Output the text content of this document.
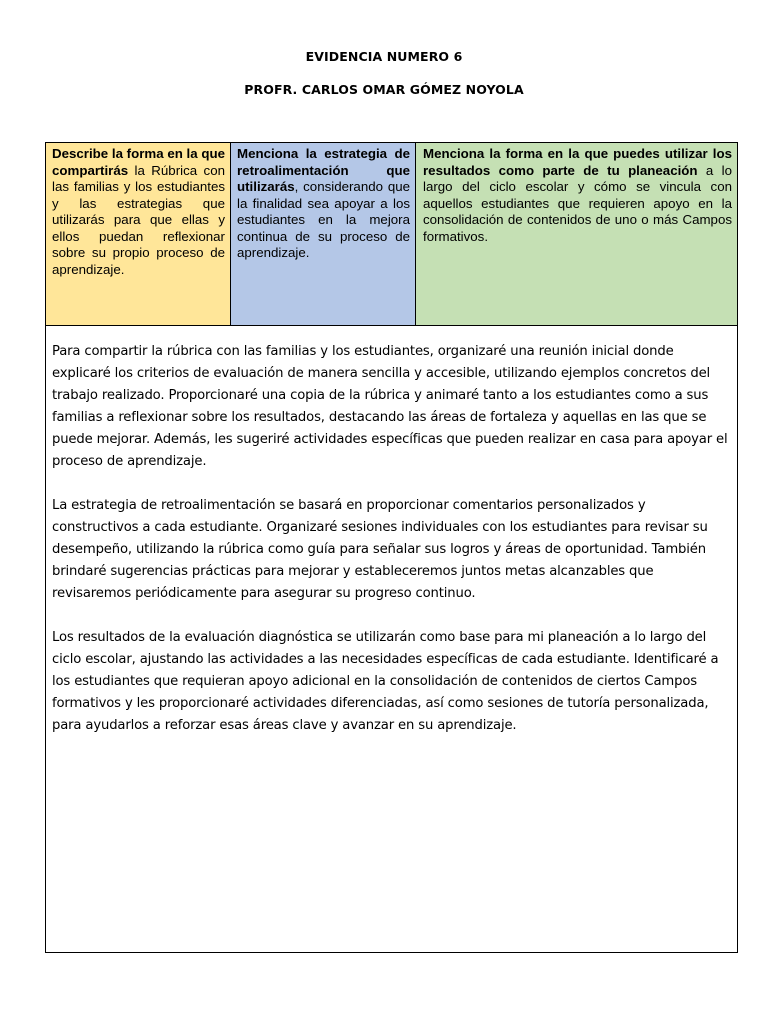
EVIDENCIA NUMERO 6
PROFR. CARLOS OMAR GÓMEZ NOYOLA
Describe la forma en la que compartirás la Rúbrica con las familias y los estudiantes y las estrategias que utilizarás para que ellas y ellos puedan reflexionar sobre su propio proceso de aprendizaje.
Menciona la estrategia de retroalimentación que utilizarás, considerando que la finalidad sea apoyar a los estudiantes en la mejora continua de su proceso de aprendizaje.
Menciona la forma en la que puedes utilizar los resultados como parte de tu planeación a lo largo del ciclo escolar y cómo se vincula con aquellos estudiantes que requieren apoyo en la consolidación de contenidos de uno o más Campos formativos.

Para compartir la rúbrica con las familias y los estudiantes, organizaré una reunión inicial donde explicaré los criterios de evaluación de manera sencilla y accesible, utilizando ejemplos concretos del trabajo realizado. Proporcionaré una copia de la rúbrica y animaré tanto a los estudiantes como a sus familias a reflexionar sobre los resultados, destacando las áreas de fortaleza y aquellas en las que se puede mejorar. Además, les sugeriré actividades específicas que pueden realizar en casa para apoyar el proceso de aprendizaje.

La estrategia de retroalimentación se basará en proporcionar comentarios personalizados y constructivos a cada estudiante. Organizaré sesiones individuales con los estudiantes para revisar su desempeño, utilizando la rúbrica como guía para señalar sus logros y áreas de oportunidad. También brindaré sugerencias prácticas para mejorar y estableceremos juntos metas alcanzables que revisaremos periódicamente para asegurar su progreso continuo.

Los resultados de la evaluación diagnóstica se utilizarán como base para mi planeación a lo largo del ciclo escolar, ajustando las actividades a las necesidades específicas de cada estudiante. Identificaré a los estudiantes que requieran apoyo adicional en la consolidación de contenidos de ciertos Campos formativos y les proporcionaré actividades diferenciadas, así como sesiones de tutoría personalizada, para ayudarlos a reforzar esas áreas clave y avanzar en su aprendizaje.
